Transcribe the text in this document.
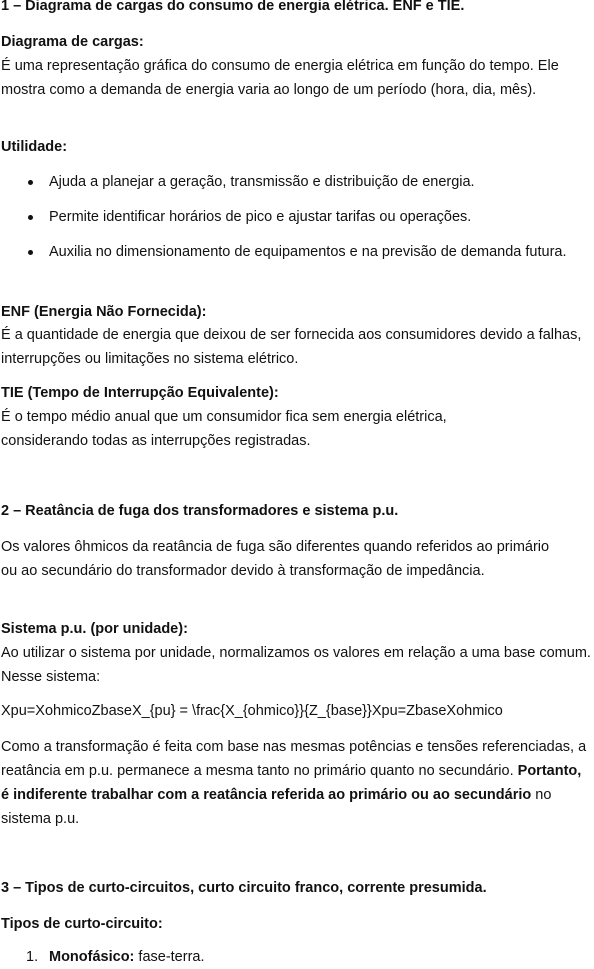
1 – Diagrama de cargas do consumo de energia elétrica. ENF e TIE.

Diagrama de cargas:

É uma representação gráfica do consumo de energia elétrica em função do tempo. Ele mostra como a demanda de energia varia ao longo de um período (hora, dia, mês).

Utilidade:

Ajuda a planejar a geração, transmissão e distribuição de energia.
Permite identificar horários de pico e ajustar tarifas ou operações.
Auxilia no dimensionamento de equipamentos e na previsão de demanda futura.

ENF (Energia Não Fornecida):

É a quantidade de energia que deixou de ser fornecida aos consumidores devido a falhas, interrupções ou limitações no sistema elétrico.

TIE (Tempo de Interrupção Equivalente):

É o tempo médio anual que um consumidor fica sem energia elétrica, considerando todas as interrupções registradas.

2 – Reatância de fuga dos transformadores e sistema p.u.

Os valores ôhmicos da reatância de fuga são diferentes quando referidos ao primário ou ao secundário do transformador devido à transformação de impedância.

Sistema p.u. (por unidade):

Ao utilizar o sistema por unidade, normalizamos os valores em relação a uma base comum. Nesse sistema:

Xpu=XohmicoZbaseX_{pu} = \frac{X_{ohmico}}{Z_{base}}Xpu=ZbaseXohmico

Como a transformação é feita com base nas mesmas potências e tensões referenciadas, a reatância em p.u. permanece a mesma tanto no primário quanto no secundário. Portanto, é indiferente trabalhar com a reatância referida ao primário ou ao secundário no sistema p.u.

3 – Tipos de curto-circuitos, curto circuito franco, corrente presumida.

Tipos de curto-circuito:

1. Monofásico: fase-terra.
